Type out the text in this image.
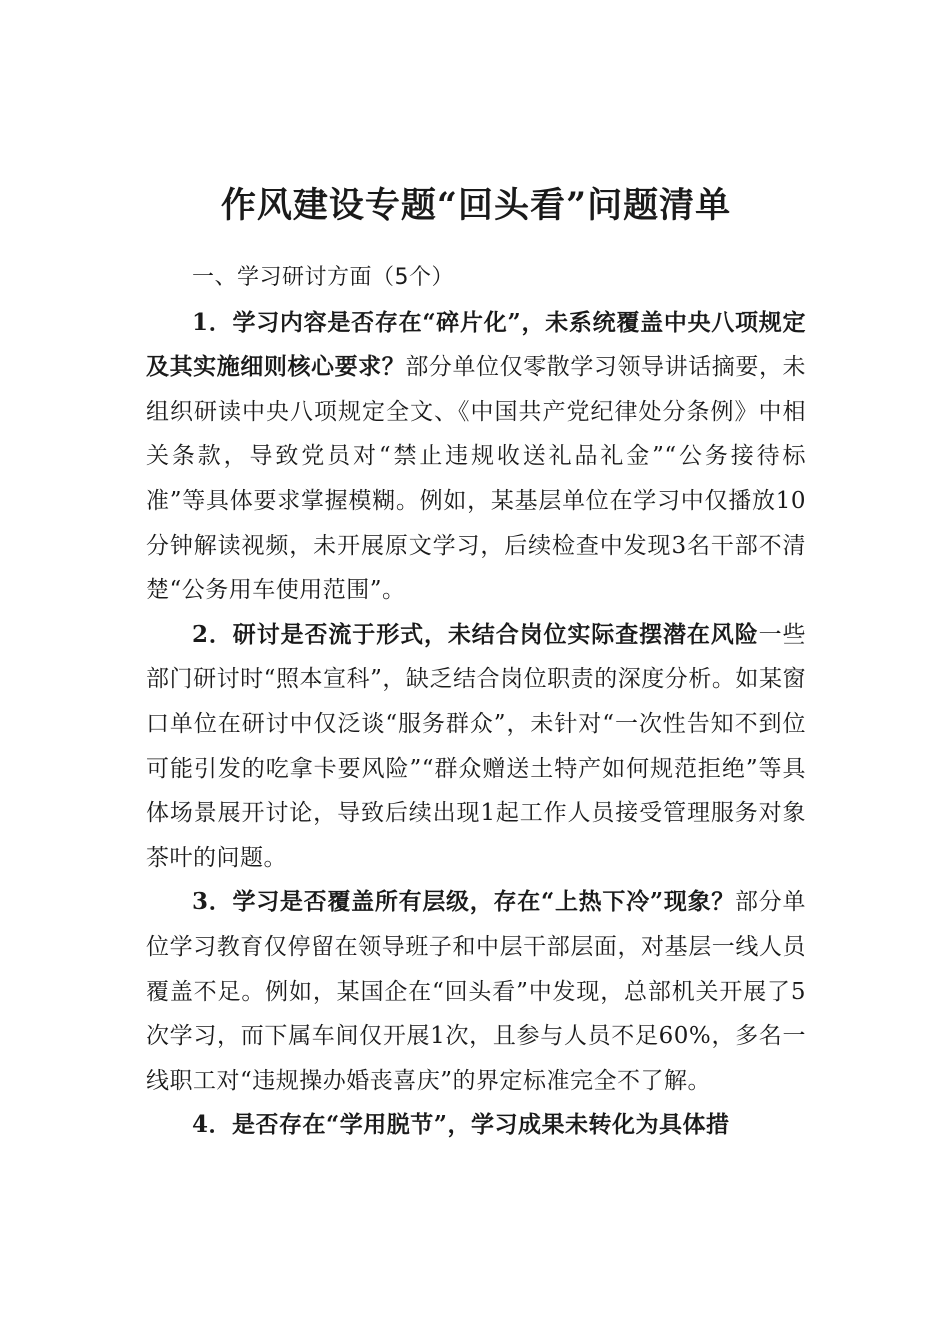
作风建设专题“回头看”问题清单

一、学习研讨方面（5个）

1．学习内容是否存在“碎片化”，未系统覆盖中央八项规定及其实施细则核心要求？部分单位仅零散学习领导讲话摘要，未组织研读中央八项规定全文、《中国共产党纪律处分条例》中相关条款，导致党员对“禁止违规收送礼品礼金”“公务接待标准”等具体要求掌握模糊。例如，某基层单位在学习中仅播放10分钟解读视频，未开展原文学习，后续检查中发现3名干部不清楚“公务用车使用范围”。

2．研讨是否流于形式，未结合岗位实际查摆潜在风险一些部门研讨时“照本宣科”，缺乏结合岗位职责的深度分析。如某窗口单位在研讨中仅泛谈“服务群众”，未针对“一次性告知不到位可能引发的吃拿卡要风险”“群众赠送土特产如何规范拒绝”等具体场景展开讨论，导致后续出现1起工作人员接受管理服务对象茶叶的问题。

3．学习是否覆盖所有层级，存在“上热下冷”现象？部分单位学习教育仅停留在领导班子和中层干部层面，对基层一线人员覆盖不足。例如，某国企在“回头看”中发现，总部机关开展了5次学习，而下属车间仅开展1次，且参与人员不足60%，多名一线职工对“违规操办婚丧喜庆”的界定标准完全不了解。

4．是否存在“学用脱节”，学习成果未转化为具体措
